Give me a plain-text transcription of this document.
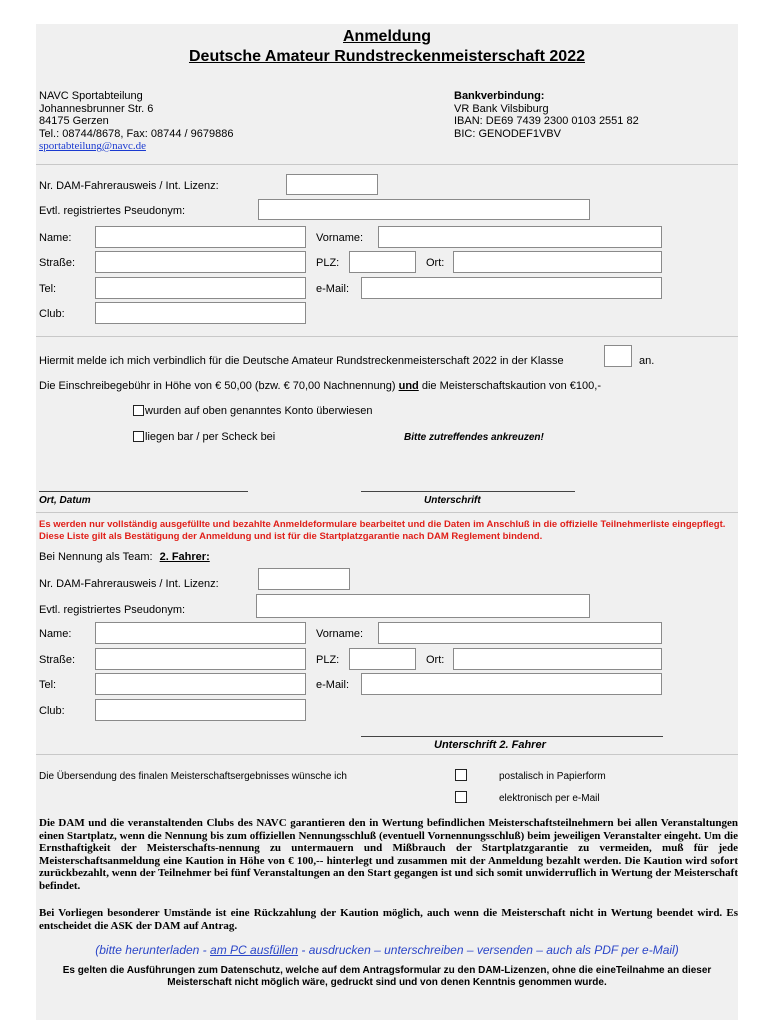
Anmeldung
Deutsche Amateur Rundstreckenmeisterschaft 2022
NAVC Sportabteilung
Johannesbrunner Str. 6
84175 Gerzen
Tel.: 08744/8678, Fax: 08744 / 9679886
sportabteilung@navc.de
Bankverbindung:
VR Bank Vilsbiburg
IBAN: DE69 7439 2300 0103 2551 82
BIC: GENODEF1VBV
Nr. DAM-Fahrerausweis / Int. Lizenz:
Evtl. registriertes Pseudonym:
Name:	Vorname:
Straße:	PLZ:	Ort:
Tel:	e-Mail:
Club:
Hiermit melde ich mich verbindlich für die Deutsche Amateur Rundstreckenmeisterschaft 2022 in der Klasse	an.
Die Einschreibegebühr in Höhe von € 50,00 (bzw. € 70,00 Nachnennung) und die Meisterschaftskaution von €100,-
wurden auf oben genanntes Konto überwiesen
liegen bar / per Scheck bei	Bitte zutreffendes ankreuzen!
Ort, Datum	Unterschrift
Es werden nur vollständig ausgefüllte und bezahlte Anmeldeformulare bearbeitet und die Daten im Anschluß in die offizielle Teilnehmerliste eingepflegt. Diese Liste gilt als Bestätigung der Anmeldung und ist für die Startplatzgarantie nach DAM Reglement bindend.
Bei Nennung als Team: 2. Fahrer:
Nr. DAM-Fahrerausweis / Int. Lizenz:
Evtl. registriertes Pseudonym:
Name:	Vorname:
Straße:	PLZ:	Ort:
Tel:	e-Mail:
Club:
Unterschrift 2. Fahrer
Die Übersendung des finalen Meisterschaftsergebnisses wünsche ich	postalisch in Papierform
elektronisch per e-Mail
Die DAM und die veranstaltenden Clubs des NAVC garantieren den in Wertung befindlichen Meisterschaftsteilnehmern bei allen Veranstaltungen einen Startplatz, wenn die Nennung bis zum offiziellen Nennungsschluß (eventuell Vornennungsschluß) beim jeweiligen Veranstalter eingeht. Um die Ernsthaftigkeit der Meisterschafts-nennung zu untermauern und Mißbrauch der Startplatzgarantie zu vermeiden, muß für jede Meisterschaftsanmeldung eine Kaution in Höhe von € 100,-- hinterlegt und zusammen mit der Anmeldung bezahlt werden. Die Kaution wird sofort zurückbezahlt, wenn der Teilnehmer bei fünf Veranstaltungen an den Start gegangen ist und sich somit unwiderruflich in Wertung der Meisterschaft befindet.
Bei Vorliegen besonderer Umstände ist eine Rückzahlung der Kaution möglich, auch wenn die Meisterschaft nicht in Wertung beendet wird. Es entscheidet die ASK der DAM auf Antrag.
(bitte herunterladen - am PC ausfüllen - ausdrucken – unterschreiben – versenden – auch als PDF per e-Mail)
Es gelten die Ausführungen zum Datenschutz, welche auf dem Antragsformular zu den DAM-Lizenzen, ohne die eineTeilnahme an dieser Meisterschaft nicht möglich wäre, gedruckt sind und von denen Kenntnis genommen wurde.
